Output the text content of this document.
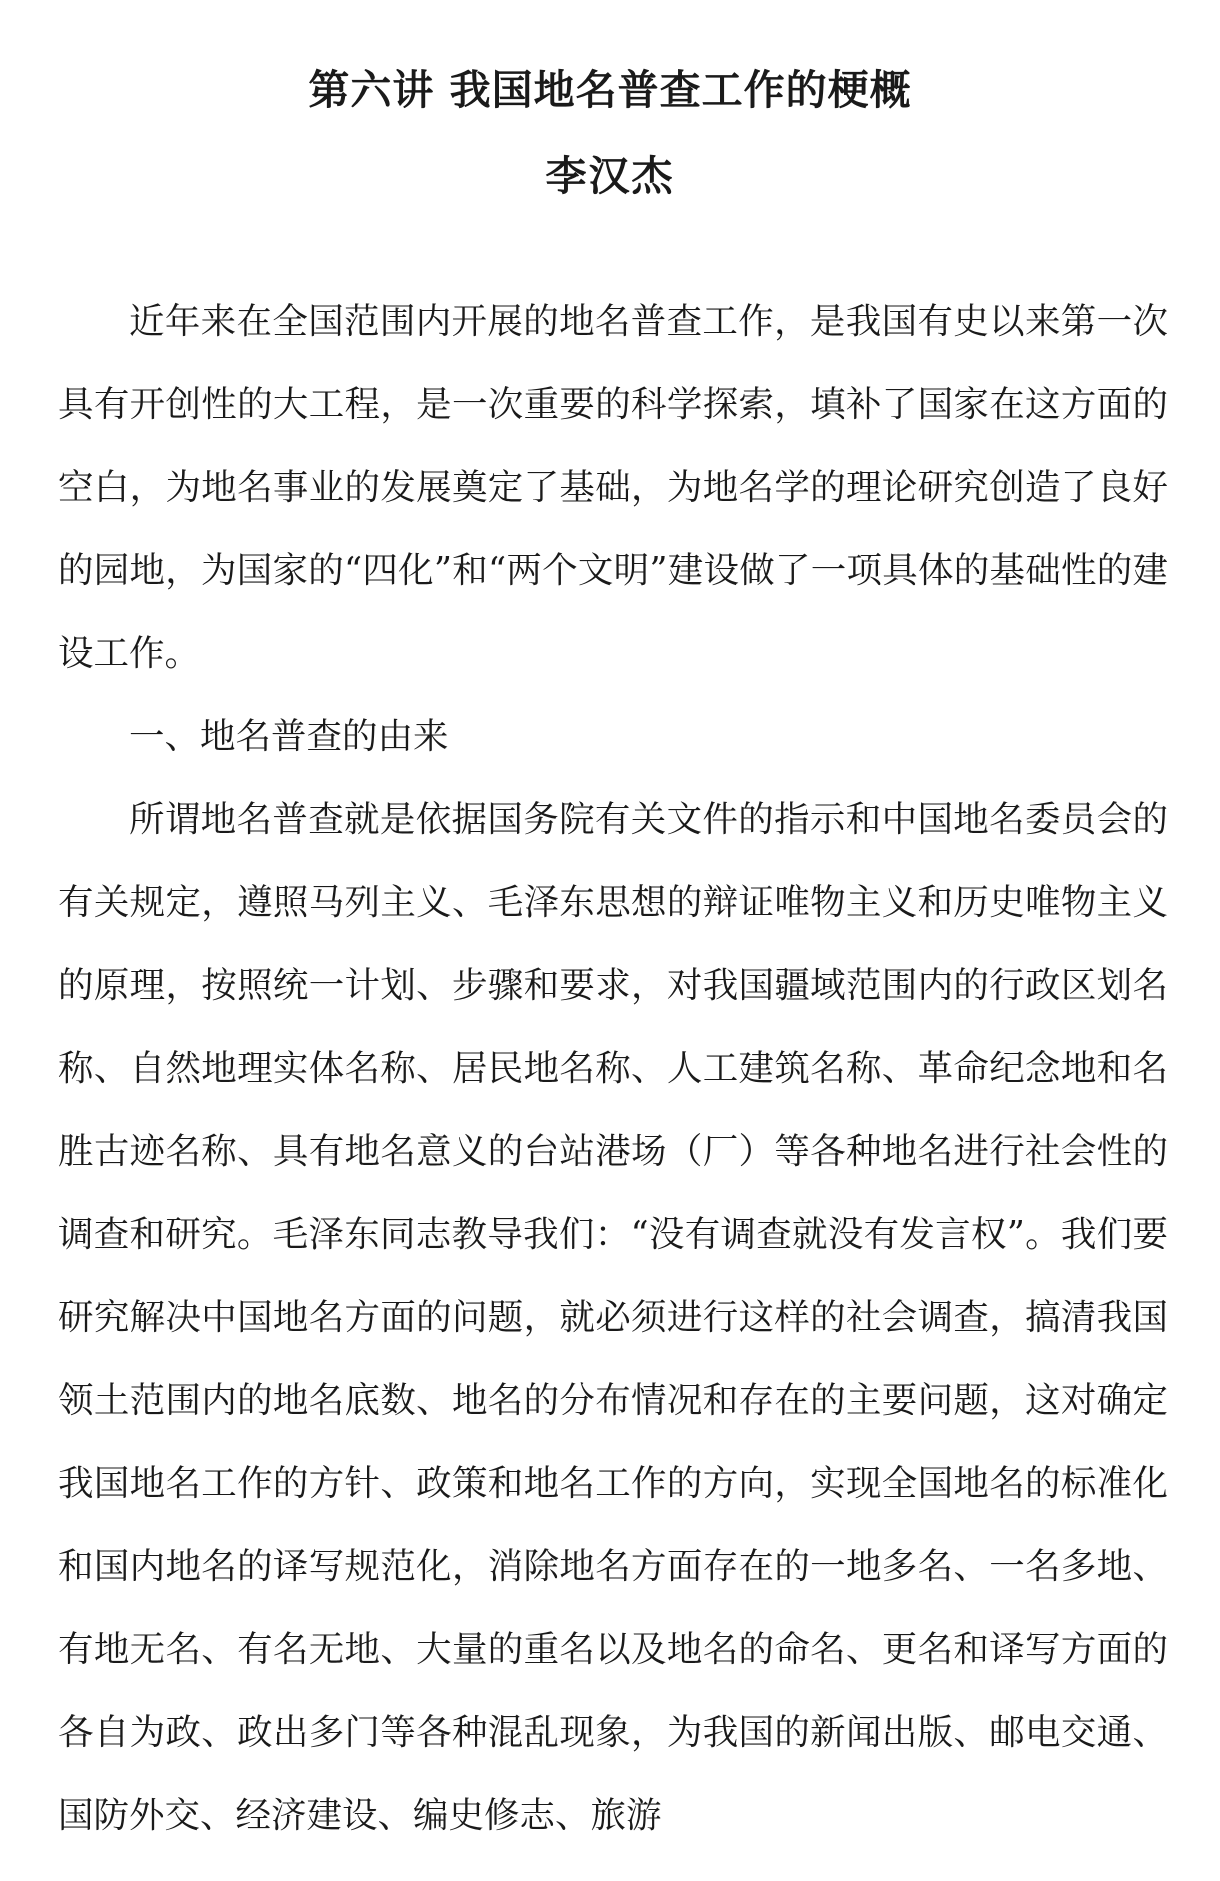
第六讲 我国地名普查工作的梗概
李汉杰

近年来在全国范围内开展的地名普查工作，是我国有史以来第一次具有开创性的大工程，是一次重要的科学探索，填补了国家在这方面的空白，为地名事业的发展奠定了基础，为地名学的理论研究创造了良好的园地，为国家的“四化”和“两个文明”建设做了一项具体的基础性的建设工作。

一、地名普查的由来

所谓地名普查就是依据国务院有关文件的指示和中国地名委员会的有关规定，遵照马列主义、毛泽东思想的辩证唯物主义和历史唯物主义的原理，按照统一计划、步骤和要求，对我国疆域范围内的行政区划名称、自然地理实体名称、居民地名称、人工建筑名称、革命纪念地和名胜古迹名称、具有地名意义的台站港场（厂）等各种地名进行社会性的调查和研究。毛泽东同志教导我们：“没有调查就没有发言权”。我们要研究解决中国地名方面的问题，就必须进行这样的社会调查，搞清我国领土范围内的地名底数、地名的分布情况和存在的主要问题，这对确定我国地名工作的方针、政策和地名工作的方向，实现全国地名的标准化和国内地名的译写规范化，消除地名方面存在的一地多名、一名多地、有地无名、有名无地、大量的重名以及地名的命名、更名和译写方面的各自为政、政出多门等各种混乱现象，为我国的新闻出版、邮电交通、国防外交、经济建设、编史修志、旅游
